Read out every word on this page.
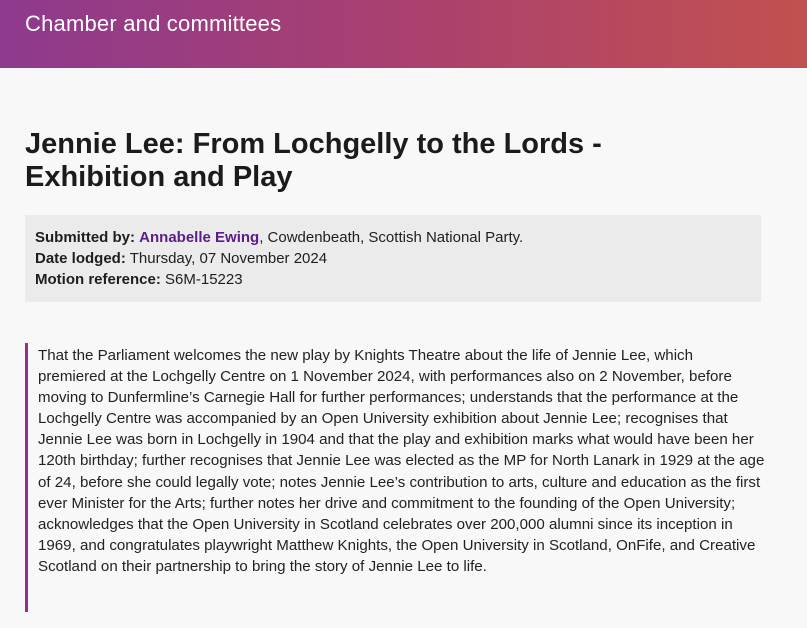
Chamber and committees
Jennie Lee: From Lochgelly to the Lords - Exhibition and Play
Submitted by: Annabelle Ewing, Cowdenbeath, Scottish National Party.
Date lodged: Thursday, 07 November 2024
Motion reference: S6M-15223

That the Parliament welcomes the new play by Knights Theatre about the life of Jennie Lee, which premiered at the Lochgelly Centre on 1 November 2024, with performances also on 2 November, before moving to Dunfermline’s Carnegie Hall for further performances; understands that the performance at the Lochgelly Centre was accompanied by an Open University exhibition about Jennie Lee; recognises that Jennie Lee was born in Lochgelly in 1904 and that the play and exhibition marks what would have been her 120th birthday; further recognises that Jennie Lee was elected as the MP for North Lanark in 1929 at the age of 24, before she could legally vote; notes Jennie Lee’s contribution to arts, culture and education as the first ever Minister for the Arts; further notes her drive and commitment to the founding of the Open University; acknowledges that the Open University in Scotland celebrates over 200,000 alumni since its inception in 1969, and congratulates playwright Matthew Knights, the Open University in Scotland, OnFife, and Creative Scotland on their partnership to bring the story of Jennie Lee to life.
